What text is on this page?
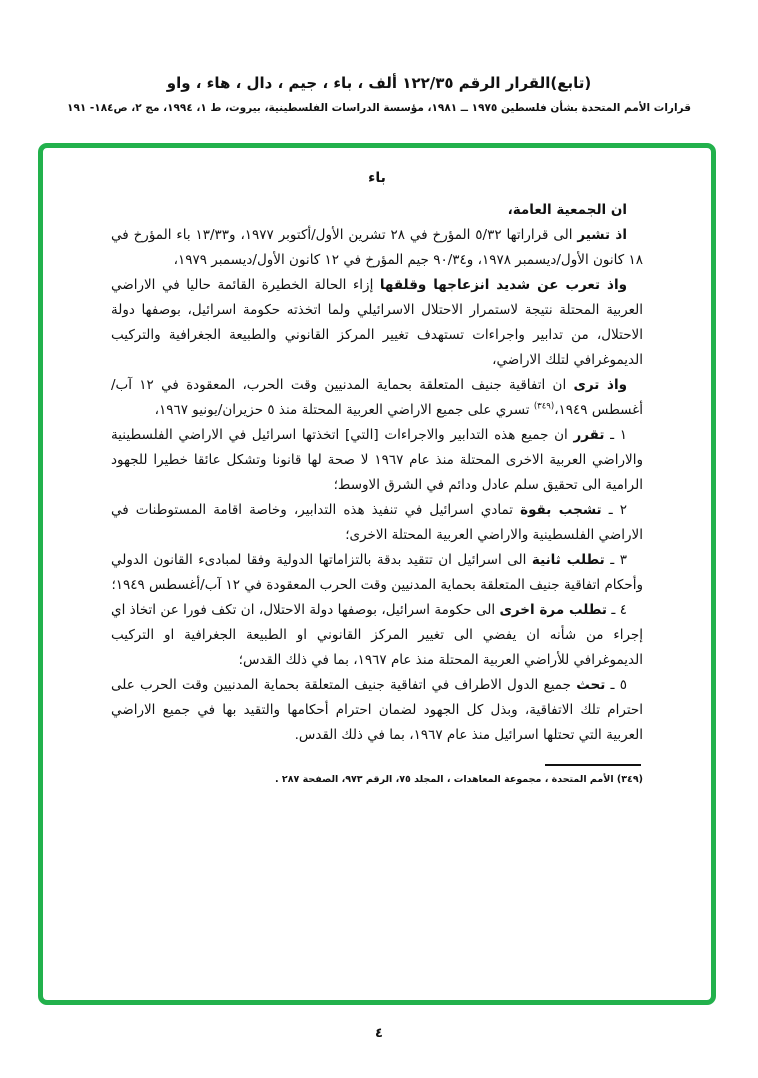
(تابع)القرار الرقم ١٢٢/٣٥ ألف ، باء ، جيم ، دال ، هاء ، واو
قرارات الأمم المتحدة بشأن فلسطين ١٩٧٥ ــ ١٩٨١، مؤسسة الدراسات الفلسطينية، بيروت، ط ١، ١٩٩٤، مج ٢، ص١٨٤- ١٩١
باء

ان الجمعية العامة،

اذ تشير الى قراراتها ٥/٣٢ المؤرخ في ٢٨ تشرين الأول/أكتوبر ١٩٧٧، و١٣/٣٣ باء المؤرخ في ١٨ كانون الأول/ديسمبر ١٩٧٨، و٩٠/٣٤ جيم المؤرخ في ١٢ كانون الأول/ديسمبر ١٩٧٩،

واذ تعرب عن شديد انزعاجها وقلقها إزاء الحالة الخطيرة القائمة حاليا في الاراضي العربية المحتلة نتيجة لاستمرار الاحتلال الاسرائيلي ولما اتخذته حكومة اسرائيل، بوصفها دولة الاحتلال، من تدابير واجراءات تستهدف تغيير المركز القانوني والطبيعة الجغرافية والتركيب الديموغرافي لتلك الاراضي،

واذ ترى ان اتفاقية جنيف المتعلقة بحماية المدنيين وقت الحرب، المعقودة في ١٢ آب/أغسطس ١٩٤٩،$^{(٣٤٩)}$ تسري على جميع الاراضي العربية المحتلة منذ ٥ حزيران/يونيو ١٩٦٧،

١ ـ تقرر ان جميع هذه التدابير والاجراءات [التي] اتخذتها اسرائيل في الاراضي الفلسطينية والاراضي العربية الاخرى المحتلة منذ عام ١٩٦٧ لا صحة لها قانونا وتشكل عائقا خطيرا للجهود الرامية الى تحقيق سلم عادل ودائم في الشرق الاوسط؛

٢ ـ تشجب بقوة تمادي اسرائيل في تنفيذ هذه التدابير، وخاصة اقامة المستوطنات في الاراضي الفلسطينية والاراضي العربية المحتلة الاخرى؛

٣ ـ تطلب ثانية الى اسرائيل ان تتقيد بدقة بالتزاماتها الدولية وفقا لمبادىء القانون الدولي وأحكام اتفاقية جنيف المتعلقة بحماية المدنيين وقت الحرب المعقودة في ١٢ آب/أغسطس ١٩٤٩؛

٤ ـ تطلب مرة اخرى الى حكومة اسرائيل، بوصفها دولة الاحتلال، ان تكف فورا عن اتخاذ اي إجراء من شأنه ان يفضي الى تغيير المركز القانوني او الطبيعة الجغرافية او التركيب الديموغرافي للأراضي العربية المحتلة منذ عام ١٩٦٧، بما في ذلك القدس؛

٥ ـ تحث جميع الدول الاطراف في اتفاقية جنيف المتعلقة بحماية المدنيين وقت الحرب على احترام تلك الاتفاقية، وبذل كل الجهود لضمان احترام أحكامها والتقيد بها في جميع الاراضي العربية التي تحتلها اسرائيل منذ عام ١٩٦٧، بما في ذلك القدس.

(٣٤٩) الأمم المتحدة ، مجموعة المعاهدات ، المجلد ٧٥، الرقم ٩٧٣، الصفحة ٢٨٧ .
٤
